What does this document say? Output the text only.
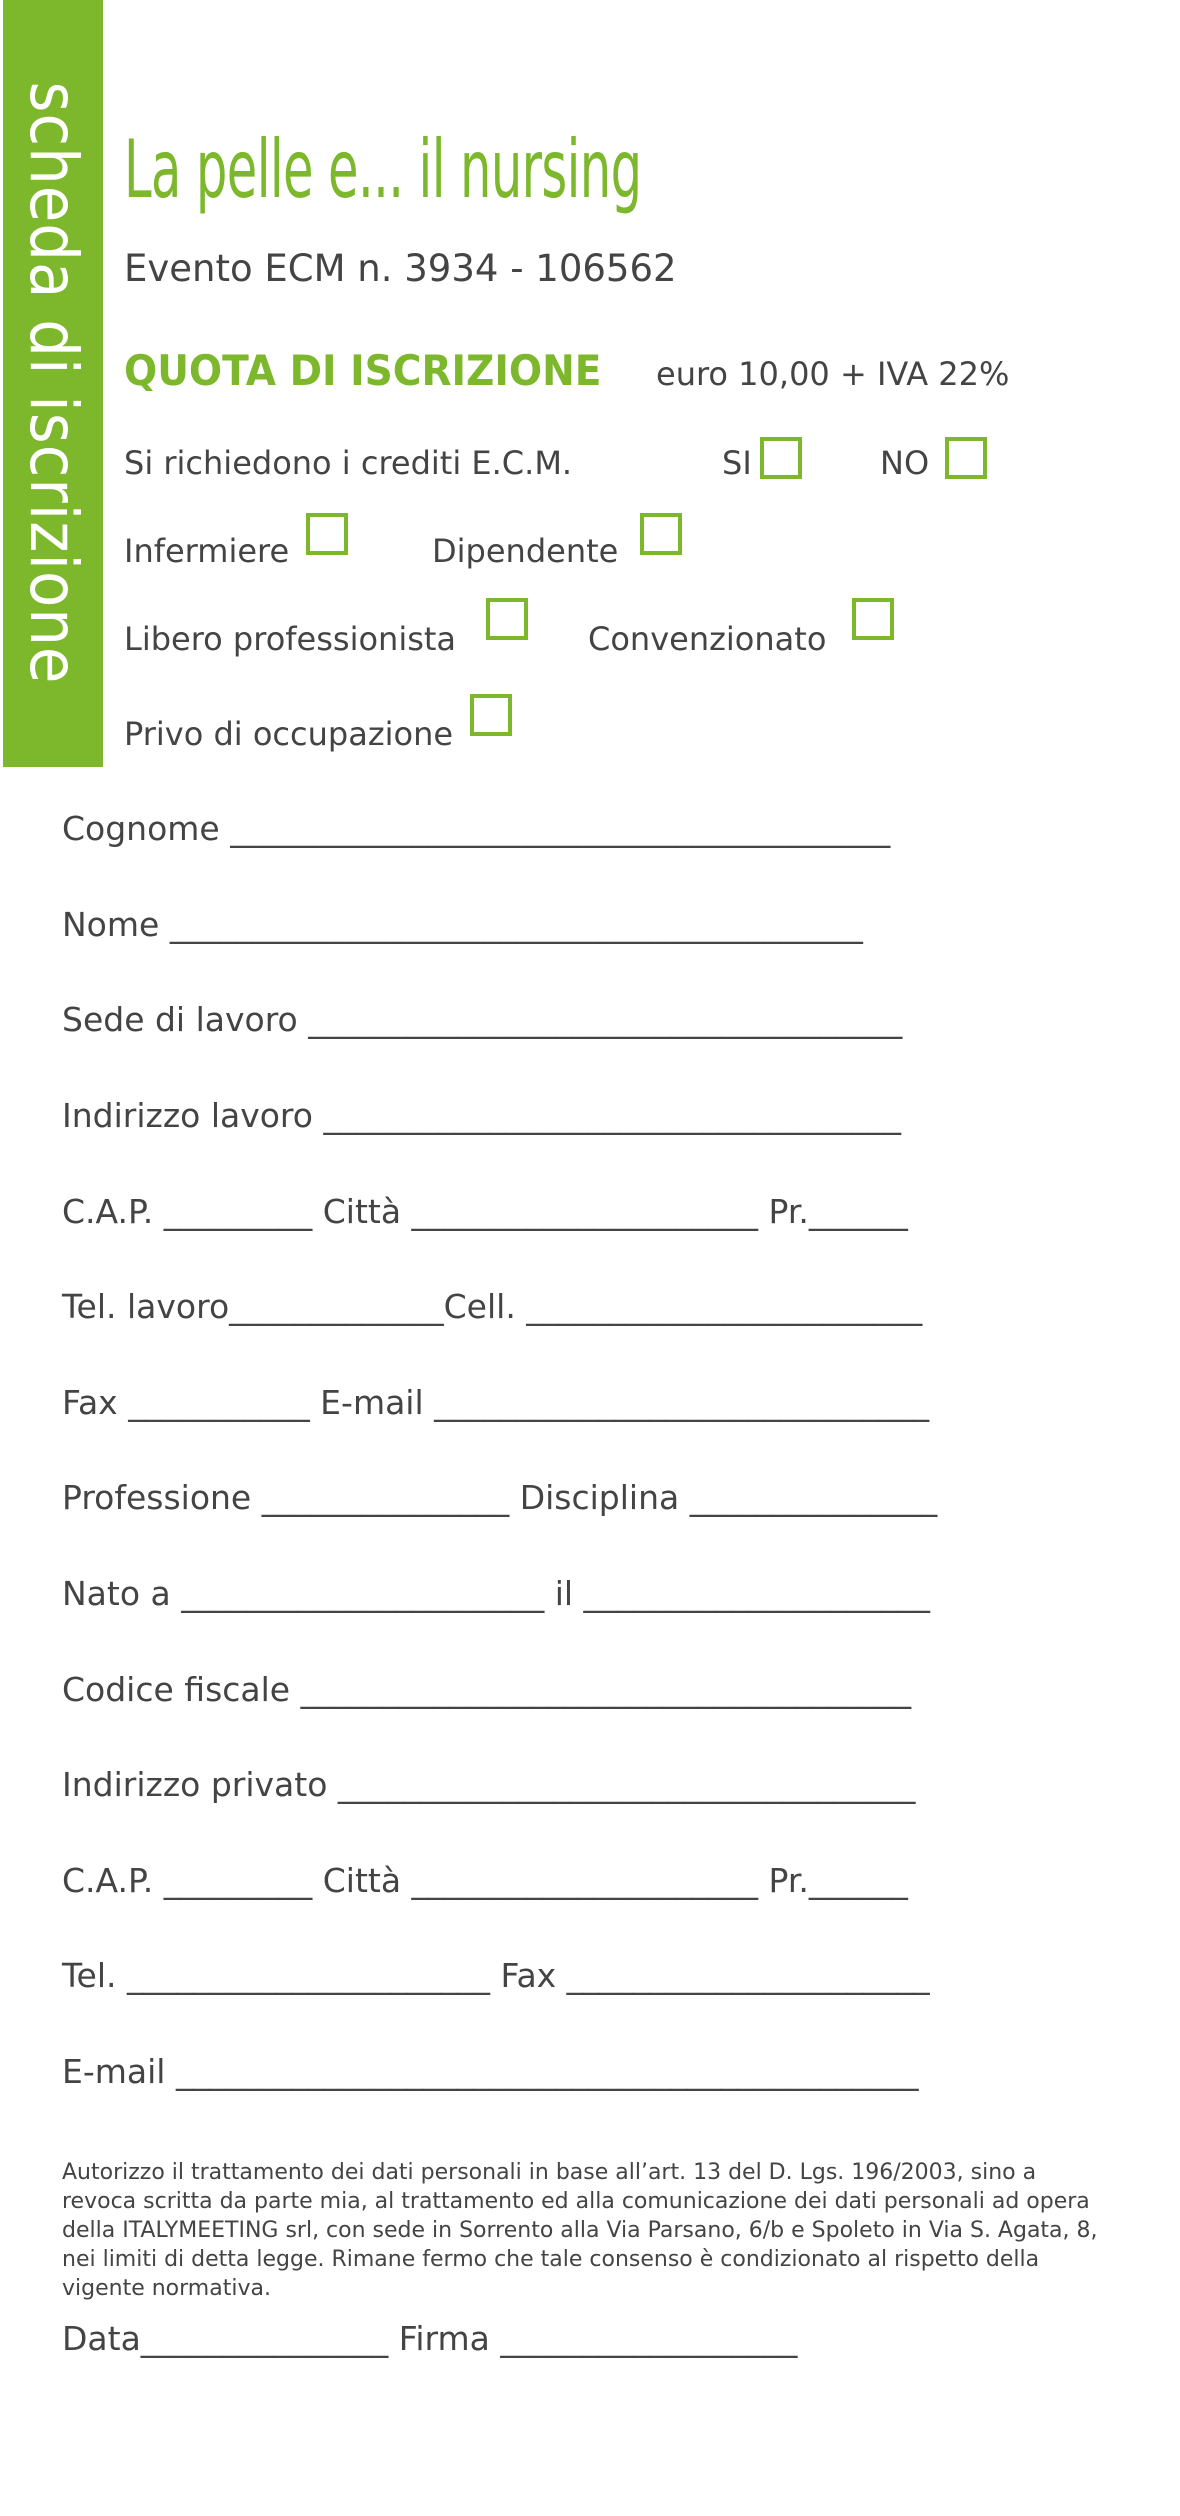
scheda di iscrizione La pelle e... il nursing
Evento ECM n. 3934 - 106562
QUOTA DI ISCRIZIONE euro 10,00 + IVA 22%
Si richiedono i crediti E.C.M.	SI	NO
Infermiere	Dipendente
Libero professionista	Convenzionato
Privo di occupazione
Cognome ________________________________________
Nome __________________________________________
Sede di lavoro ____________________________________
Indirizzo lavoro ___________________________________
C.A.P. _________ Città _____________________ Pr.______
Tel. lavoro_____________Cell. ________________________
Fax ___________ E-mail ______________________________
Professione _______________ Disciplina _______________
Nato a ______________________ il _____________________
Codice fiscale _____________________________________
Indirizzo privato ___________________________________
C.A.P. _________ Città _____________________ Pr.______
Tel. ______________________ Fax ______________________
E-mail _____________________________________________
Autorizzo il trattamento dei dati personali in base all’art. 13 del D. Lgs. 196/2003, sino a revoca scritta da parte mia, al trattamento ed alla comunicazione dei dati personali ad opera della ITALYMEETING srl, con sede in Sorrento alla Via Parsano, 6/b e Spoleto in Via S. Agata, 8, nei limiti di detta legge. Rimane fermo che tale consenso è condizionato al rispetto della vigente normativa.
Data_______________ Firma __________________
